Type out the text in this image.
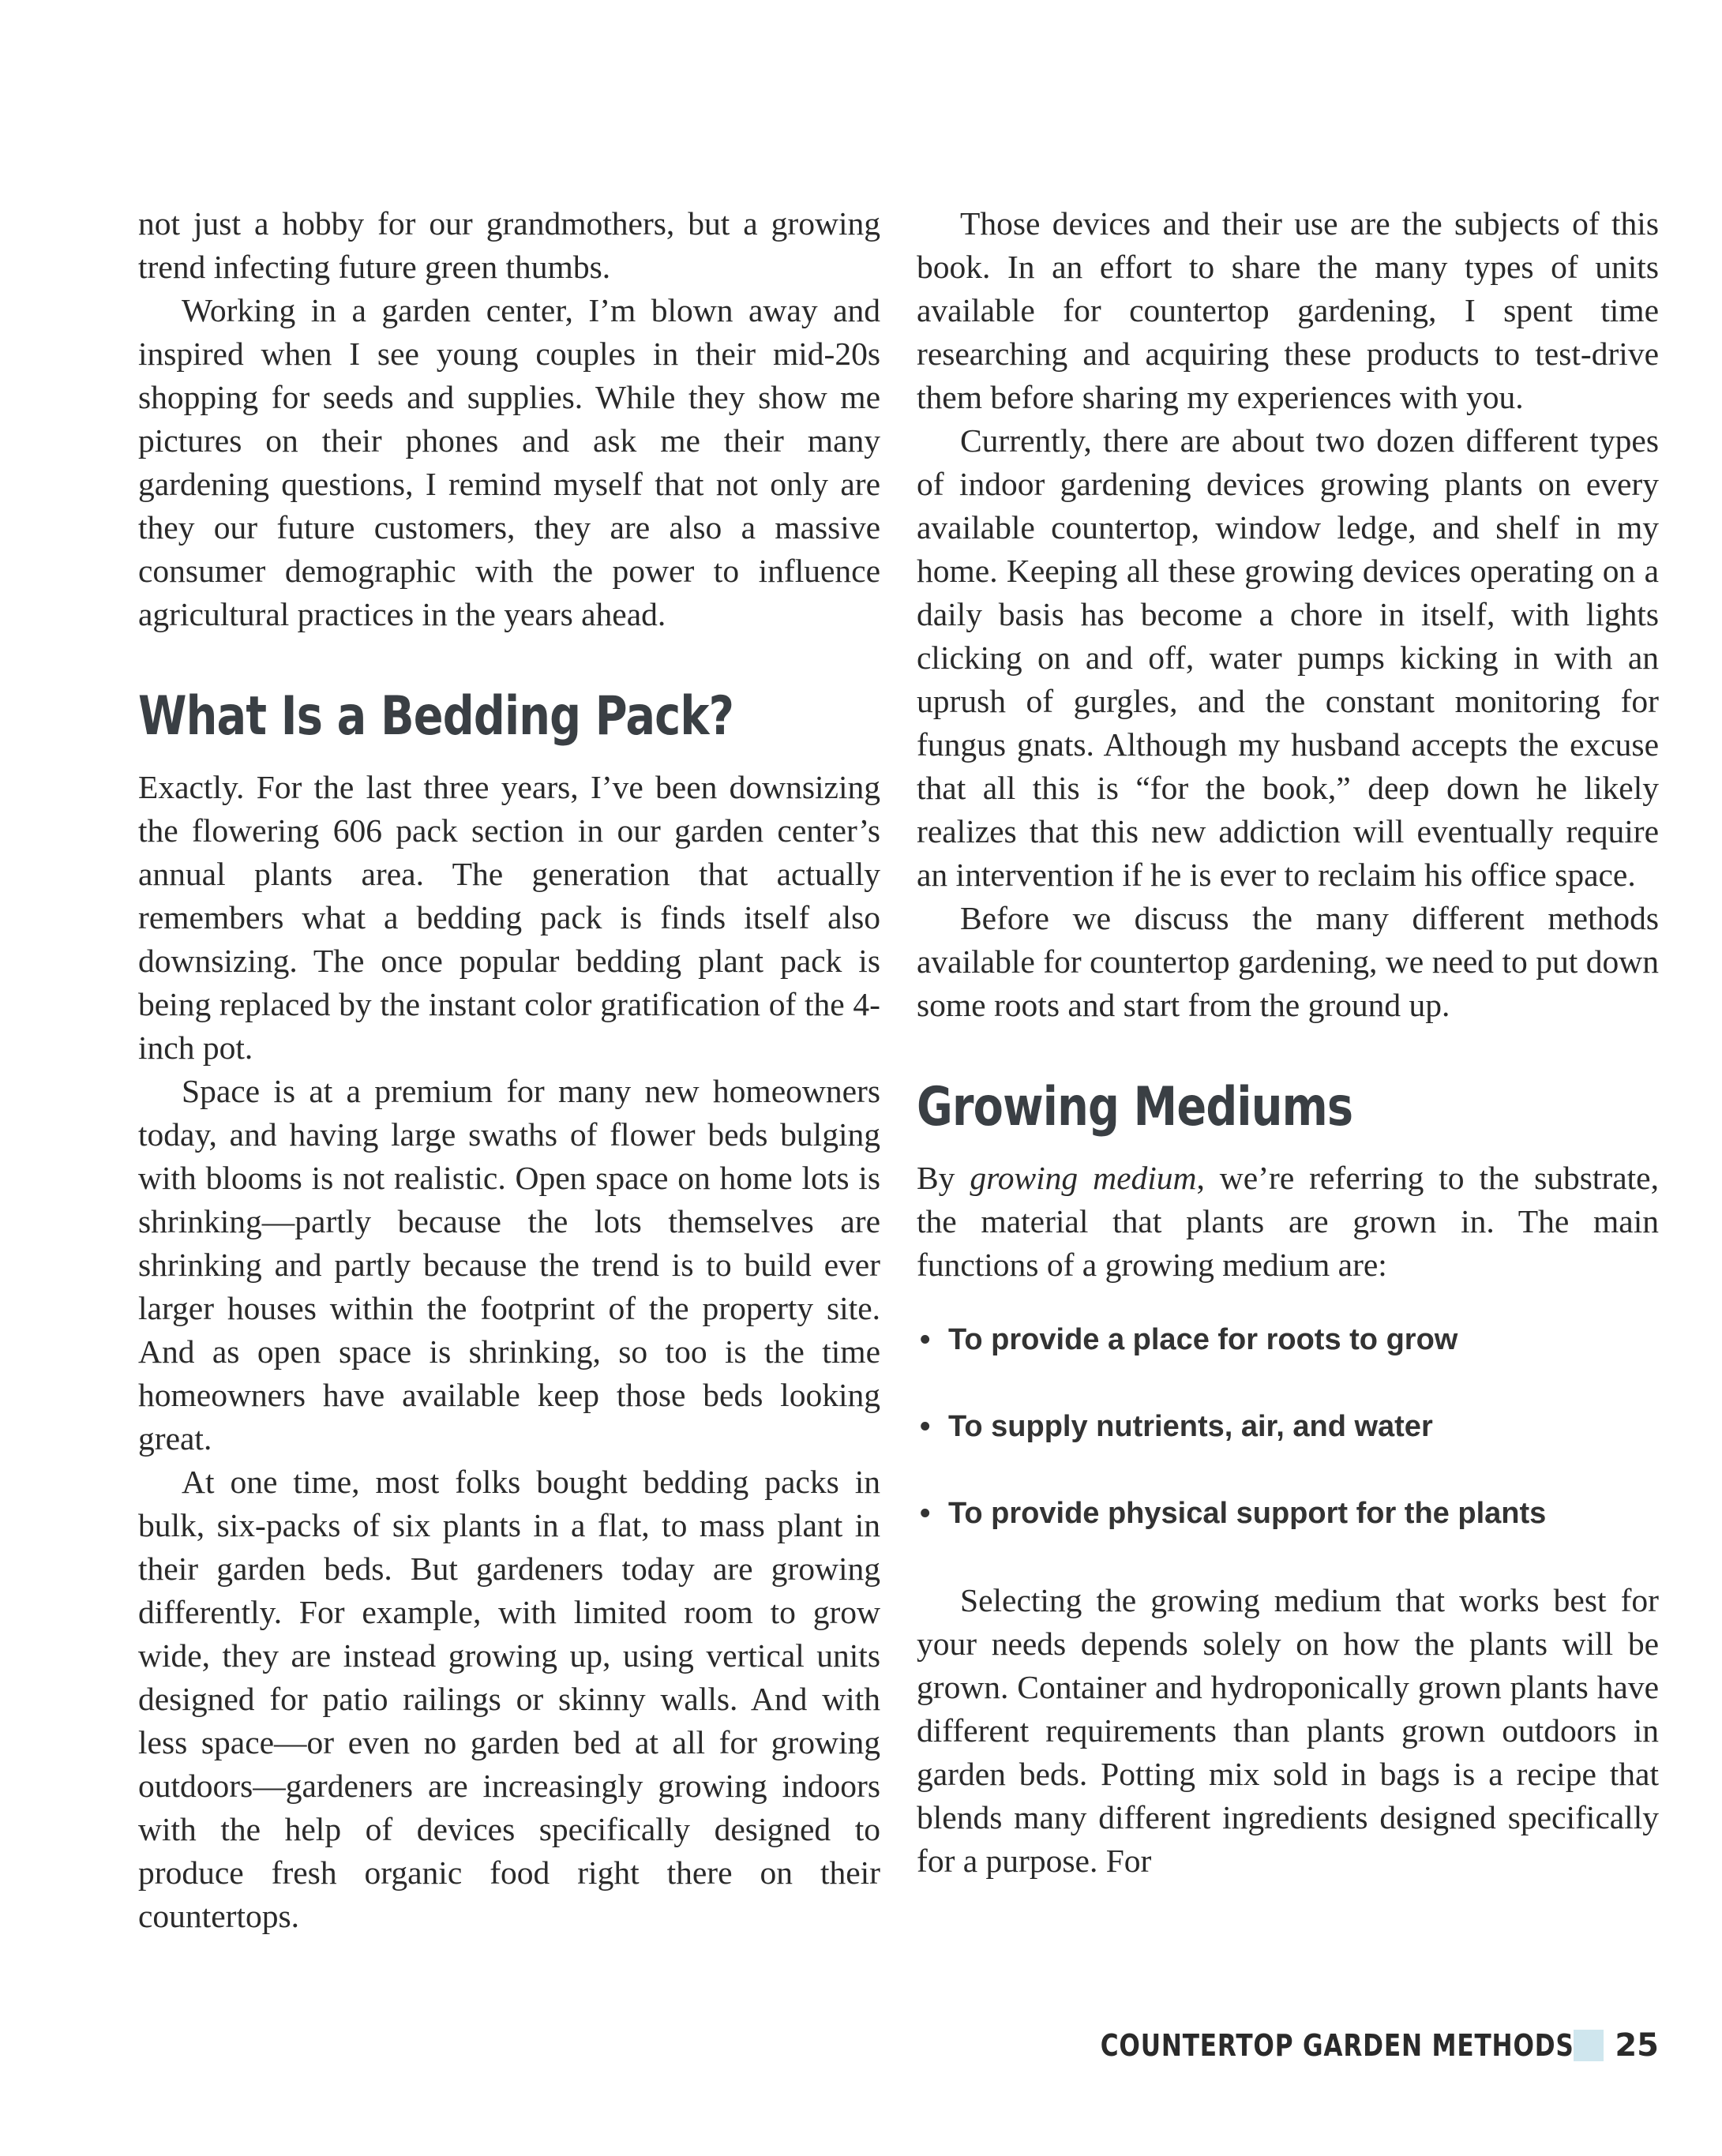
not just a hobby for our grandmothers, but a growing trend infecting future green thumbs.

Working in a garden center, I’m blown away and inspired when I see young couples in their mid-20s shopping for seeds and supplies. While they show me pictures on their phones and ask me their many gardening questions, I remind myself that not only are they our future customers, they are also a massive consumer demographic with the power to influence agricultural practices in the years ahead.

What Is a Bedding Pack?

Exactly. For the last three years, I’ve been downsizing the flowering 606 pack section in our garden center’s annual plants area. The generation that actually remembers what a bedding pack is finds itself also downsizing. The once popular bedding plant pack is being replaced by the instant color gratification of the 4-inch pot.

Space is at a premium for many new homeowners today, and having large swaths of flower beds bulging with blooms is not realistic. Open space on home lots is shrinking—partly because the lots themselves are shrinking and partly because the trend is to build ever larger houses within the footprint of the property site. And as open space is shrinking, so too is the time homeowners have available keep those beds looking great.

At one time, most folks bought bedding packs in bulk, six-packs of six plants in a flat, to mass plant in their garden beds. But gardeners today are growing differently. For example, with limited room to grow wide, they are instead growing up, using vertical units designed for patio railings or skinny walls. And with less space—or even no garden bed at all for growing outdoors—gardeners are increasingly growing indoors with the help of devices specifically designed to produce fresh organic food right there on their countertops.

Those devices and their use are the subjects of this book. In an effort to share the many types of units available for countertop gardening, I spent time researching and acquiring these products to test-drive them before sharing my experiences with you.

Currently, there are about two dozen different types of indoor gardening devices growing plants on every available countertop, window ledge, and shelf in my home. Keeping all these growing devices operating on a daily basis has become a chore in itself, with lights clicking on and off, water pumps kicking in with an uprush of gurgles, and the constant monitoring for fungus gnats. Although my husband accepts the excuse that all this is “for the book,” deep down he likely realizes that this new addiction will eventually require an intervention if he is ever to reclaim his office space.

Before we discuss the many different methods available for countertop gardening, we need to put down some roots and start from the ground up.

Growing Mediums

By growing medium, we’re referring to the substrate, the material that plants are grown in. The main functions of a growing medium are:

• To provide a place for roots to grow
• To supply nutrients, air, and water
• To provide physical support for the plants

Selecting the growing medium that works best for your needs depends solely on how the plants will be grown. Container and hydroponically grown plants have different requirements than plants grown outdoors in garden beds. Potting mix sold in bags is a recipe that blends many different ingredients designed specifically for a purpose. For

COUNTERTOP GARDEN METHODS 25
